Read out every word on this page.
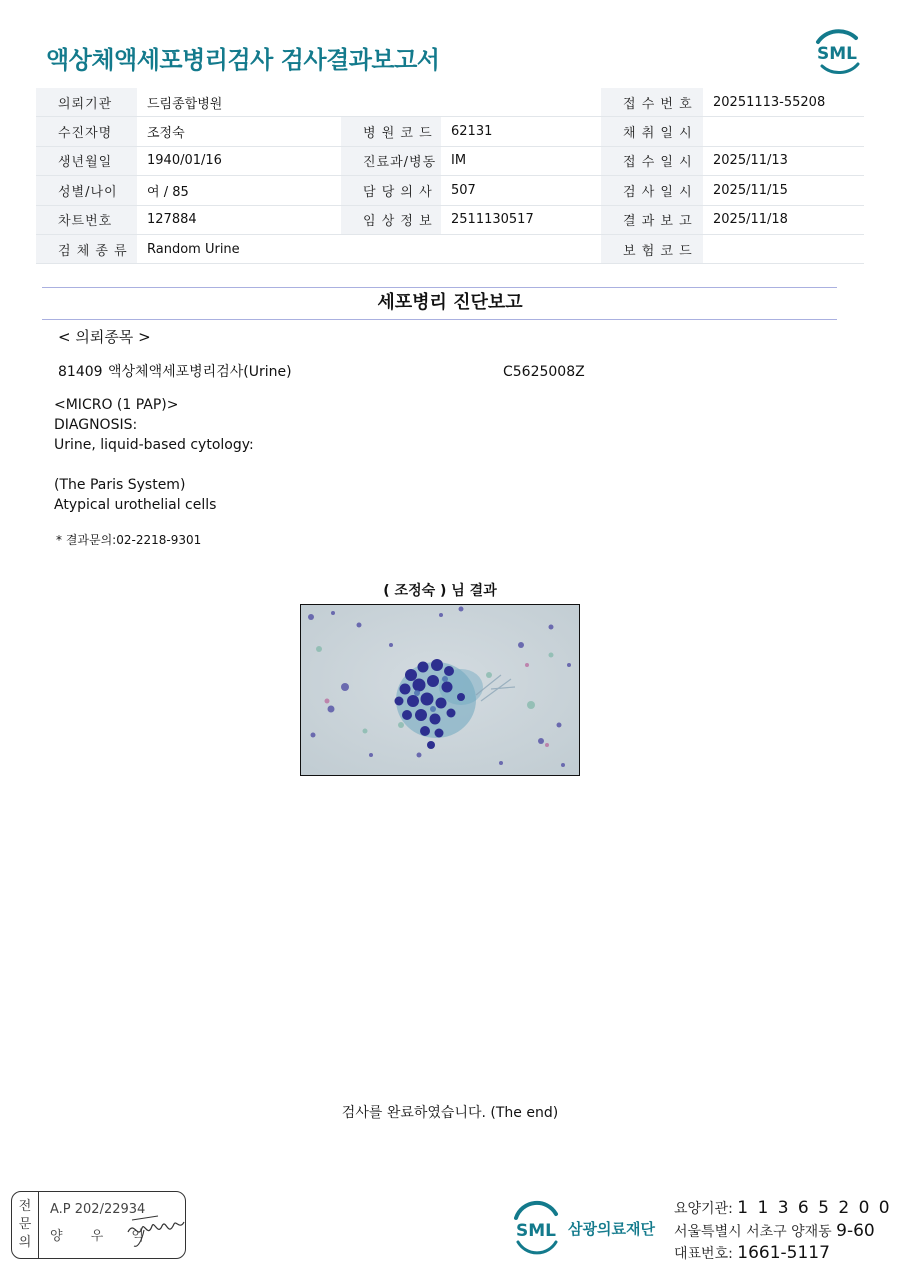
액상체액세포병리검사 검사결과보고서	SML
의뢰기관	드림종합병원			접 수 번 호	20251113-55208
수진자명	조정숙	병 원 코 드	62131	채 취 일 시	
생년월일	1940/01/16	진료과/병동	IM	접 수 일 시	2025/11/13
성별/나이	여 / 85	담 당 의 사	507	검 사 일 시	2025/11/15
차트번호	127884	임 상 정 보	2511130517	결 과 보 고	2025/11/18
검 체 종 류	Random Urine			보 험 코 드	
세포병리 진단보고
< 의뢰종목 >
81409 액상체액세포병리검사(Urine)	C5625008Z
<MICRO (1 PAP)>
DIAGNOSIS:
Urine, liquid-based cytology:
(The Paris System)
Atypical urothelial cells
* 결과문의:02-2218-9301
( 조정숙 ) 님 결과
검사를 완료하였습니다. (The end)
전
문
의
A.P 202/22934
양 우 익	SML 삼광의료재단
요양기관: 1 1 3 6 5 2 0 0
서울특별시 서초구 양재동 9-60
대표번호: 1661-5117
